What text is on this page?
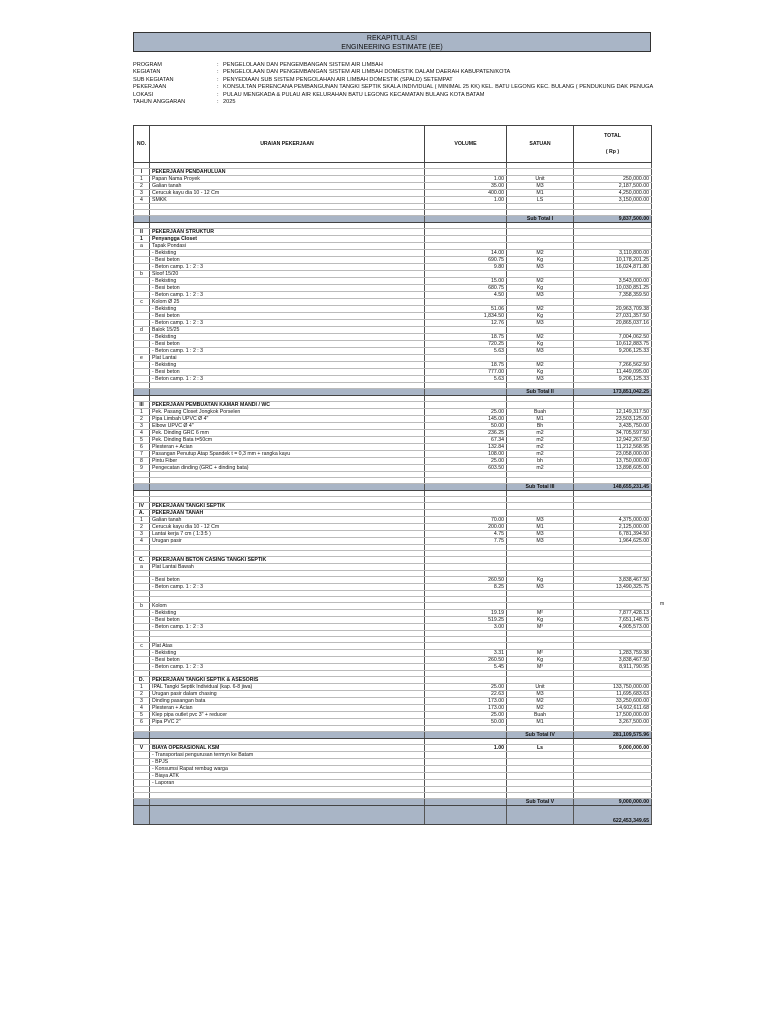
REKAPITULASI
ENGINEERING ESTIMATE (EE)
PROGRAM	: PENGELOLAAN DAN PENGEMBANGAN SISTEM AIR LIMBAH
KEGIATAN	: PENGELOLAAN DAN PENGEMBANGAN SISTEM AIR LIMBAH DOMESTIK DALAM DAERAH KABUPATEN/KOTA
SUB KEGIATAN	: PENYEDIAAN SUB SISTEM PENGOLAHAN AIR LIMBAH DOMESTIK (SPALD) SETEMPAT
PEKERJAAN	: KONSULTAN PERENCANA PEMBANGUNAN TANGKI SEPTIK SKALA INDIVIDUAL ( MINIMAL 25 KK) KEL. BATU LEGONG KEC. BULANG ( PENDUKUNG DAK PENUGA
LOKASI	: PULAU MENGKADA & PULAU AIR KELURAHAN BATU LEGONG KECAMATAN BULANG KOTA BATAM
TAHUN ANGGARAN	: 2025
NO.	URAIAN PEKERJAAN	VOLUME	SATUAN	TOTAL
( Rp )

I	PEKERJAAN PENDAHULUAN			
1	Papan Nama Proyek	1.00	Unit	250,000.00
2	Galian tanah	35.00	M3	2,187,500.00
3	Cerucuk kayu dia 10 - 12 Cm	400.00	M1	4,250,000.00
4	SMKK	1.00	LS	3,150,000.00

			Sub Total I	9,837,500.00

II	PEKERJAAN STRUKTUR			
1	Penyangga Closet			
a	Tapak Pondasi			
	- Bekisting	14.00	M2	3,110,800.00
	- Besi beton	690.75	Kg	10,178,201.25
	- Beton camp. 1 : 2 : 3	9.80	M3	16,024,871.80
b	Sloof 15/20			
	- Bekisting	15.00	M2	3,543,000.00
	- Besi beton	680.75	Kg	10,030,851.25
	- Beton camp. 1 : 2 : 3	4.50	M3	7,358,359.50
c	Kolom Ø 25			
	- Bekisting	51.06	M2	20,963,709.38
	- Besi beton	1,834.50	Kg	27,031,357.50
	- Beton camp. 1 : 2 : 3	12.76	M3	20,865,037.16
d	Balok 15/25			
	- Bekisting	18.75	M2	7,004,062.50
	- Besi beton	720.25	Kg	10,612,883.75
	- Beton camp. 1 : 2 : 3	5.63	M3	9,206,125.33
e	Plat Lantai			
	- Bekisting	18.75	M2	7,266,562.50
	- Besi beton	777.00	Kg	11,449,095.00
	- Beton camp. 1 : 2 : 3	5.63	M3	9,206,125.33

			Sub Total II	173,851,042.25

III	PEKERJAAN PEMBUATAN KAMAR MANDI / WC			
1	Pek. Pasang Closet Jongkok Porselen	25.00	Buah	12,149,317.50
2	Pipa Limbah UPVC Ø 4"	145.00	M1	23,503,125.00
3	Elbow UPVC Ø 4"	50.00	Bh	3,435,750.00
4	Pek. Dinding GRC 6 mm	236.25	m2	34,705,597.50
5	Pek. Dinding Bata t=50cm	67.34	m2	12,942,267.50
6	Plesteran + Acian	132.84	m2	11,212,568.95
7	Pasangan Penutup Atap Spandek t = 0,3 mm + rangka kayu	108.00	m2	23,058,000.00
8	Pintu Fiber	25.00	bh	13,750,000.00
9	Pengecatan dinding (GRC + dinding bata)	603.50	m2	13,898,605.00

			Sub Total III	148,655,231.45

IV	PEKERJAAN TANGKI SEPTIK			
A.	PEKERJAAN TANAH			
1	Galian tanah	70.00	M3	4,375,000.00
2	Cerucuk kayu dia 10 - 12 Cm	200.00	M1	2,125,000.00
3	Lantai kerja 7 cm ( 1:3:5 )	4.75	M3	6,781,394.50
4	Urugan pasir	7.75	M3	1,964,625.00

C.	PEKERJAAN BETON CASING TANGKI SEPTIK			
a	Plat Lantai Bawah			

	- Besi beton	260.50	Kg	3,838,467.50
	- Beton camp. 1 : 2 : 3	8.25	M3	13,490,325.75

b	Kolom			
	- Bekisting	19.19	M²	7,877,428.13
	- Besi beton	519.25	Kg	7,651,148.75
	- Beton camp. 1 : 2 : 3	3.00	M³	4,905,573.00

c	Plat Atas			
	- Bekisting	3.31	M²	1,283,759.38
	- Besi beton	260.50	Kg	3,838,467.50
	- Beton camp. 1 : 2 : 3	5.45	M³	8,911,790.95

D.	PEKERJAAN TANGKI SEPTIK & ASESORIS			
1	IPAL Tangki Septik Individual (kap. 6-8 jiwa)	25.00	Unit	133,750,000.00
2	Urugan pasir dalam chasing	22.63	M3	11,695,683.63
3	Dinding pasangan bata	173.00	M2	33,250,600.00
4	Plesteran + Acian	173.00	M2	14,602,611.68
5	Klep pipa outlet pvc 3" + reducer	25.00	Buah	17,500,000.00
6	Pipa PVC 2"	50.00	M1	3,267,500.00

			Sub Total IV	281,109,575.96

V	BIAYA OPERASIONAL KSM	1.00	Ls	9,000,000.00
	- Transportasi pengurusan termyn ke Batam			
	- BPJS			
	- Konsumsi Rapat rembug warga			
	- Biaya ATK			
	- Laporan			

			Sub Total V	9,000,000.00
				622,453,349.65
m
